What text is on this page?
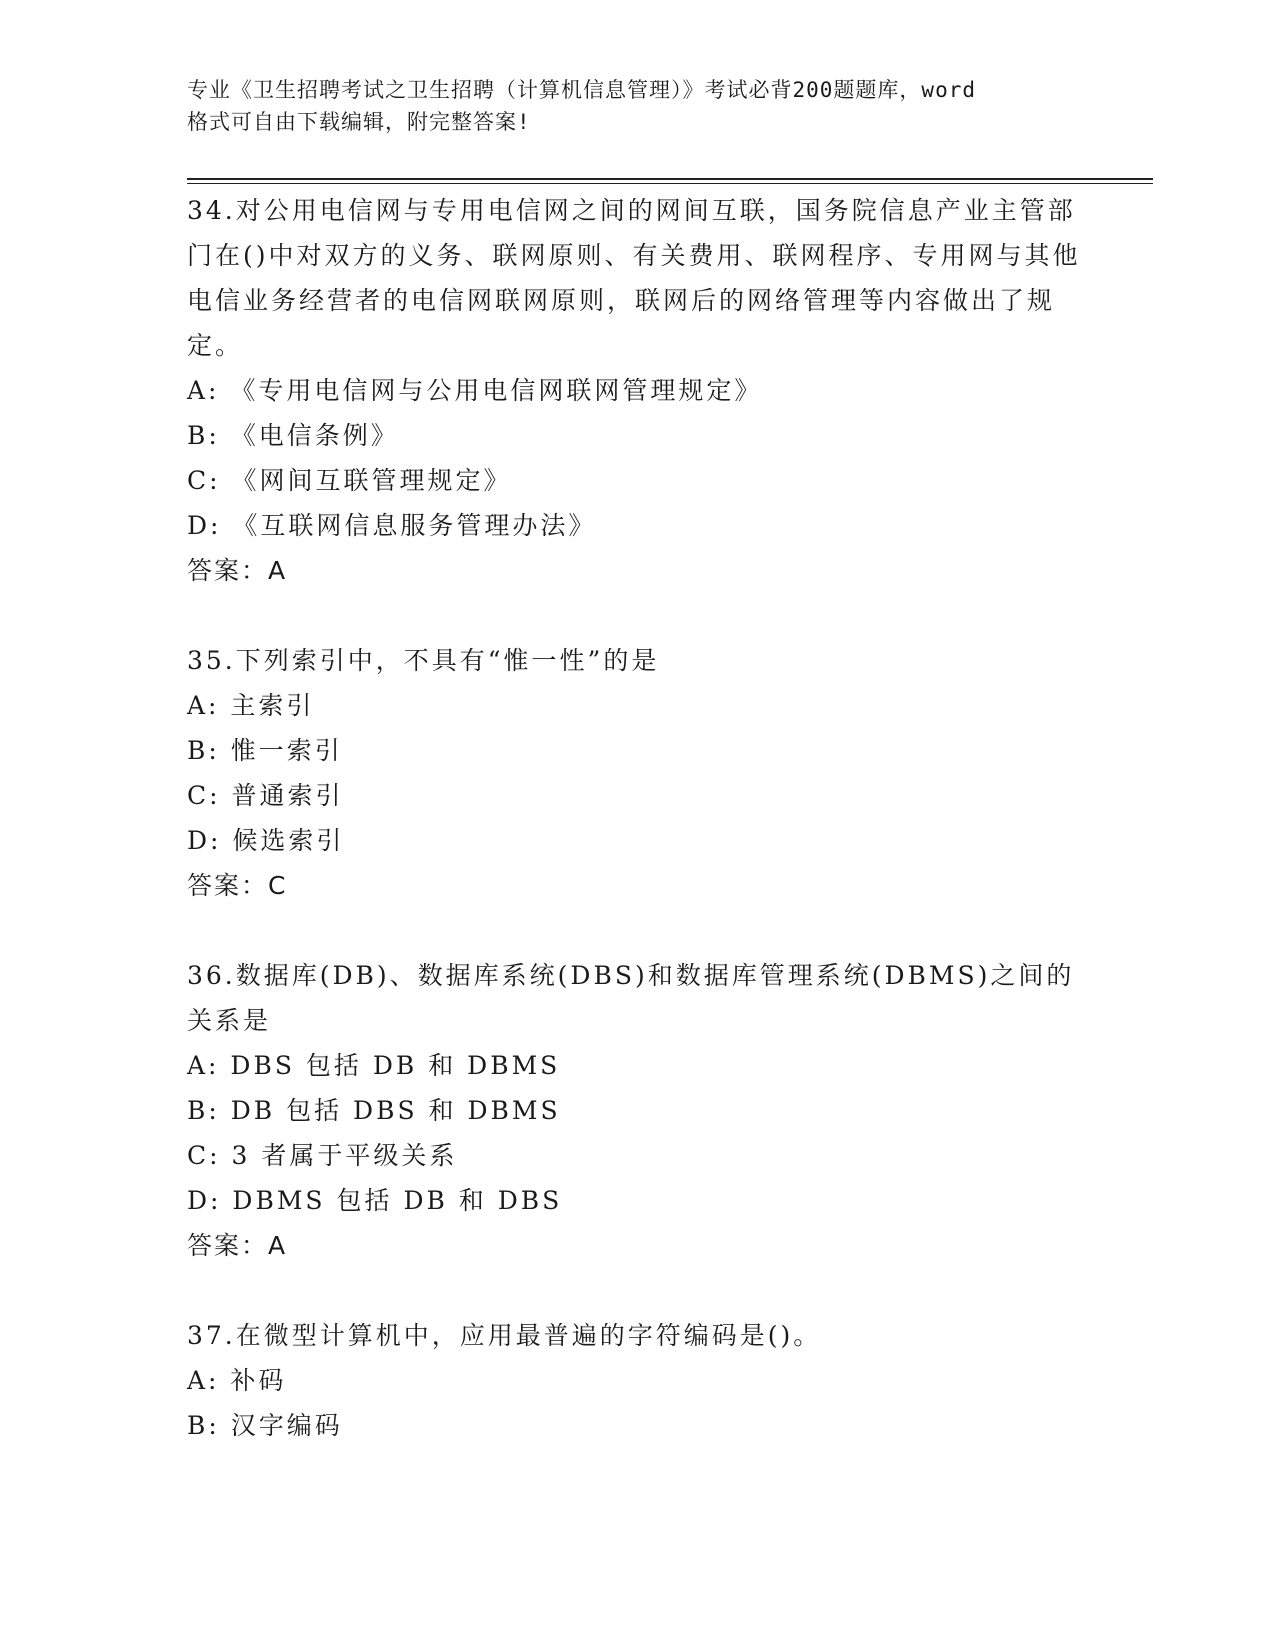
专业《卫生招聘考试之卫生招聘（计算机信息管理）》考试必背200题题库，word
格式可自由下载编辑，附完整答案!

34.对公用电信网与专用电信网之间的网间互联，国务院信息产业主管部门在()中对双方的义务、联网原则、有关费用、联网程序、专用网与其他电信业务经营者的电信网联网原则，联网后的网络管理等内容做出了规定。

A: 《专用电信网与公用电信网联网管理规定》

B: 《电信条例》

C: 《网间互联管理规定》

D: 《互联网信息服务管理办法》

答案：A

35.下列索引中，不具有“惟一性”的是

A: 主索引

B: 惟一索引

C: 普通索引

D: 候选索引

答案：C

36.数据库(DB)、数据库系统(DBS)和数据库管理系统(DBMS)之间的关系是

A: DBS 包括 DB 和 DBMS

B: DB 包括 DBS 和 DBMS

C: 3 者属于平级关系

D: DBMS 包括 DB 和 DBS

答案：A

37.在微型计算机中，应用最普遍的字符编码是()。

A: 补码

B: 汉字编码
